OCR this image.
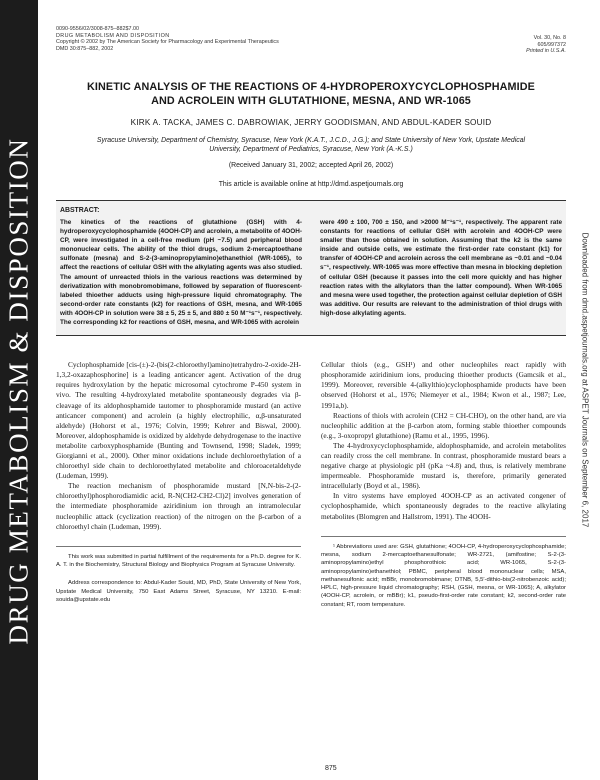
DRUG METABOLISM & DISPOSITION	Downloaded from dmd.aspetjournals.org at ASPET Journals on September 6, 2017
0090-9556/02/3008-875–882$7.00
DRUG METABOLISM AND DISPOSITION
Copyright © 2002 by The American Society for Pharmacology and Experimental Therapeutics
DMD 30:875–882, 2002
Vol. 30, No. 8
605/997372
Printed in U.S.A.
KINETIC ANALYSIS OF THE REACTIONS OF 4-HYDROPEROXYCYCLOPHOSPHAMIDE
AND ACROLEIN WITH GLUTATHIONE, MESNA, AND WR-1065
KIRK A. TACKA, JAMES C. DABROWIAK, JERRY GOODISMAN, AND ABDUL-KADER SOUID
Syracuse University, Department of Chemistry, Syracuse, New York (K.A.T., J.C.D., J.G.); and State University of New York, Upstate Medical
University, Department of Pediatrics, Syracuse, New York (A.-K.S.)
(Received January 31, 2002; accepted April 26, 2002)
This article is available online at http://dmd.aspetjournals.org
ABSTRACT:
The kinetics of the reactions of glutathione (GSH) with 4-hydroperoxycyclophosphamide (4OOH-CP) and acrolein, a metabolite of 4OOH-CP, were investigated in a cell-free medium (pH ~7.5) and peripheral blood mononuclear cells. The ability of the thiol drugs, sodium 2-mercaptoethane sulfonate (mesna) and S-2-(3-aminopropylamino)ethanethiol (WR-1065), to affect the reactions of cellular GSH with the alkylating agents was also studied. The amount of unreacted thiols in the various reactions was determined by derivatization with monobromobimane, followed by separation of fluorescent-labeled thioether adducts using high-pressure liquid chromatography. The second-order rate constants (k2) for reactions of GSH, mesna, and WR-1065 with 4OOH-CP in solution were 38 ± 5, 25 ± 5, and 880 ± 50 M⁻¹s⁻¹, respectively. The corresponding k2 for reactions of GSH, mesna, and WR-1065 with acrolein
were 490 ± 100, 700 ± 150, and >2000 M⁻¹s⁻¹, respectively. The apparent rate constants for reactions of cellular GSH with acrolein and 4OOH-CP were smaller than those obtained in solution. Assuming that the k2 is the same inside and outside cells, we estimate the first-order rate constant (k1) for transfer of 4OOH-CP and acrolein across the cell membrane as ~0.01 and ~0.04 s⁻¹, respectively. WR-1065 was more effective than mesna in blocking depletion of cellular GSH (because it passes into the cell more quickly and has higher reaction rates with the alkylators than the latter compound). When WR-1065 and mesna were used together, the protection against cellular depletion of GSH was additive. Our results are relevant to the administration of thiol drugs with high-dose alkylating agents.

Cyclophosphamide [cis-(±)-2-(bis(2-chloroethyl)amino)tetrahydro-2-oxide-2H-1,3,2-oxazaphosphorine] is a leading anticancer agent. Activation of the drug requires hydroxylation by the hepatic microsomal cytochrome P-450 system in vivo. The resulting 4-hydroxylated metabolite spontaneously degrades via β-cleavage of its aldophosphamide tautomer to phosphoramide mustard (an active anticancer component) and acrolein (a highly electrophilic, α,β-unsaturated aldehyde) (Hohorst et al., 1976; Colvin, 1999; Kehrer and Biswal, 2000). Moreover, aldophosphamide is oxidized by aldehyde dehydrogenase to the inactive metabolite carboxyphosphamide (Bunting and Townsend, 1998; Sladek, 1999; Giorgianni et al., 2000). Other minor oxidations include dechloroethylation of a chloroethyl side chain to dechloroethylated metabolite and chloroacetaldehyde (Ludeman, 1999).

The reaction mechanism of phosphoramide mustard [N,N-bis-2-(2-chloroethyl)phosphorodiamidic acid, R-N(CH2-CH2-Cl)2] involves generation of the intermediate phosphoramide aziridinium ion through an intramolecular nucleophilic attack (cyclization reaction) of the nitrogen on the β-carbon of a chloroethyl chain (Ludeman, 1999).

This work was submitted in partial fulfillment of the requirements for a Ph.D. degree for K. A. T. in the Biochemistry, Structural Biology and Biophysics Program at Syracuse University.

Address correspondence to: Abdul-Kader Souid, MD, PhD, State University of New York, Upstate Medical University, 750 East Adams Street, Syracuse, NY 13210. E-mail: souida@upstate.edu

Cellular thiols (e.g., GSH¹) and other nucleophiles react rapidly with phosphoramide aziridinium ions, producing thioether products (Gamcsik et al., 1999). Moreover, reversible 4-(alkylthio)cyclophosphamide products have been observed (Hohorst et al., 1976; Niemeyer et al., 1984; Kwon et al., 1987; Lee, 1991a,b).

Reactions of thiols with acrolein (CH2 = CH-CHO), on the other hand, are via nucleophilic addition at the β-carbon atom, forming stable thioether compounds (e.g., 3-oxopropyl glutathione) (Ramu et al., 1995, 1996).

The 4-hydroxycyclophosphamide, aldophosphamide, and acrolein metabolites can readily cross the cell membrane. In contrast, phosphoramide mustard bears a negative charge at physiologic pH (pKa ~4.8) and, thus, is relatively membrane impermeable. Phosphoramide mustard is, therefore, primarily generated intracellularly (Boyd et al., 1986).

In vitro systems have employed 4OOH-CP as an activated congener of cyclophosphamide, which spontaneously degrades to the reactive alkylating metabolites (Blomgren and Hallstrom, 1991). The 4OOH-

¹ Abbreviations used are: GSH, glutathione; 4OOH-CP, 4-hydroperoxycyclophosphamide; mesna, sodium 2-mercaptoethanesulfonate; WR-2721, (amifostine; S-2-(3-aminopropylamino)ethyl phosphorothioic acid; WR-1065, S-2-(3-aminopropylamino)ethanethiol; PBMC, peripheral blood mononuclear cells; MSA, methanesulfonic acid; mBBr, monobromobimane; DTNB, 5,5′-dithio-bis(2-nitrobenzoic acid); HPLC, high-pressure liquid chromatography; RSH, (GSH, mesna, or WR-1065); A, alkylator (4OOH-CP, acrolein, or mBBr); k1, pseudo-first-order rate constant; k2, second-order rate constant; RT, room temperature.

875
